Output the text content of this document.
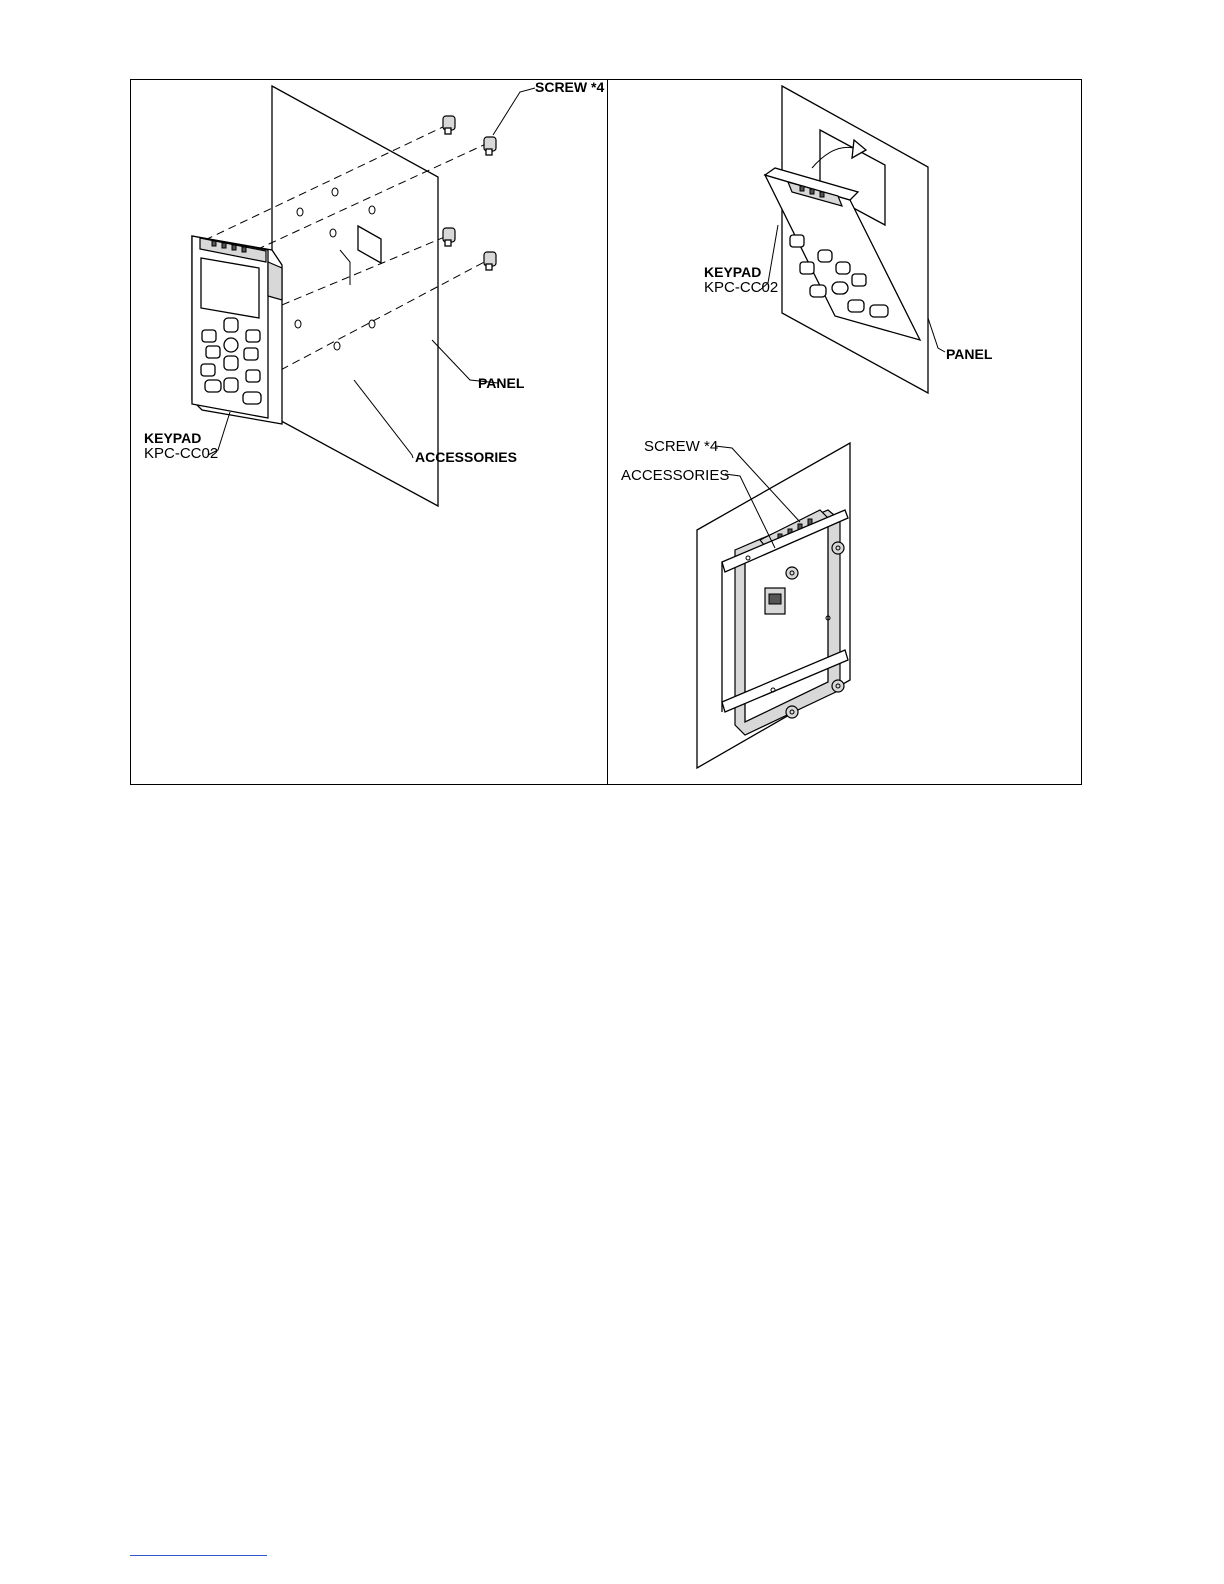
SCREW *4
PANEL
ACCESSORIES
KEYPAD
KPC-CC02
KEYPAD
KPC-CC02
PANEL
SCREW *4
ACCESSORIES
